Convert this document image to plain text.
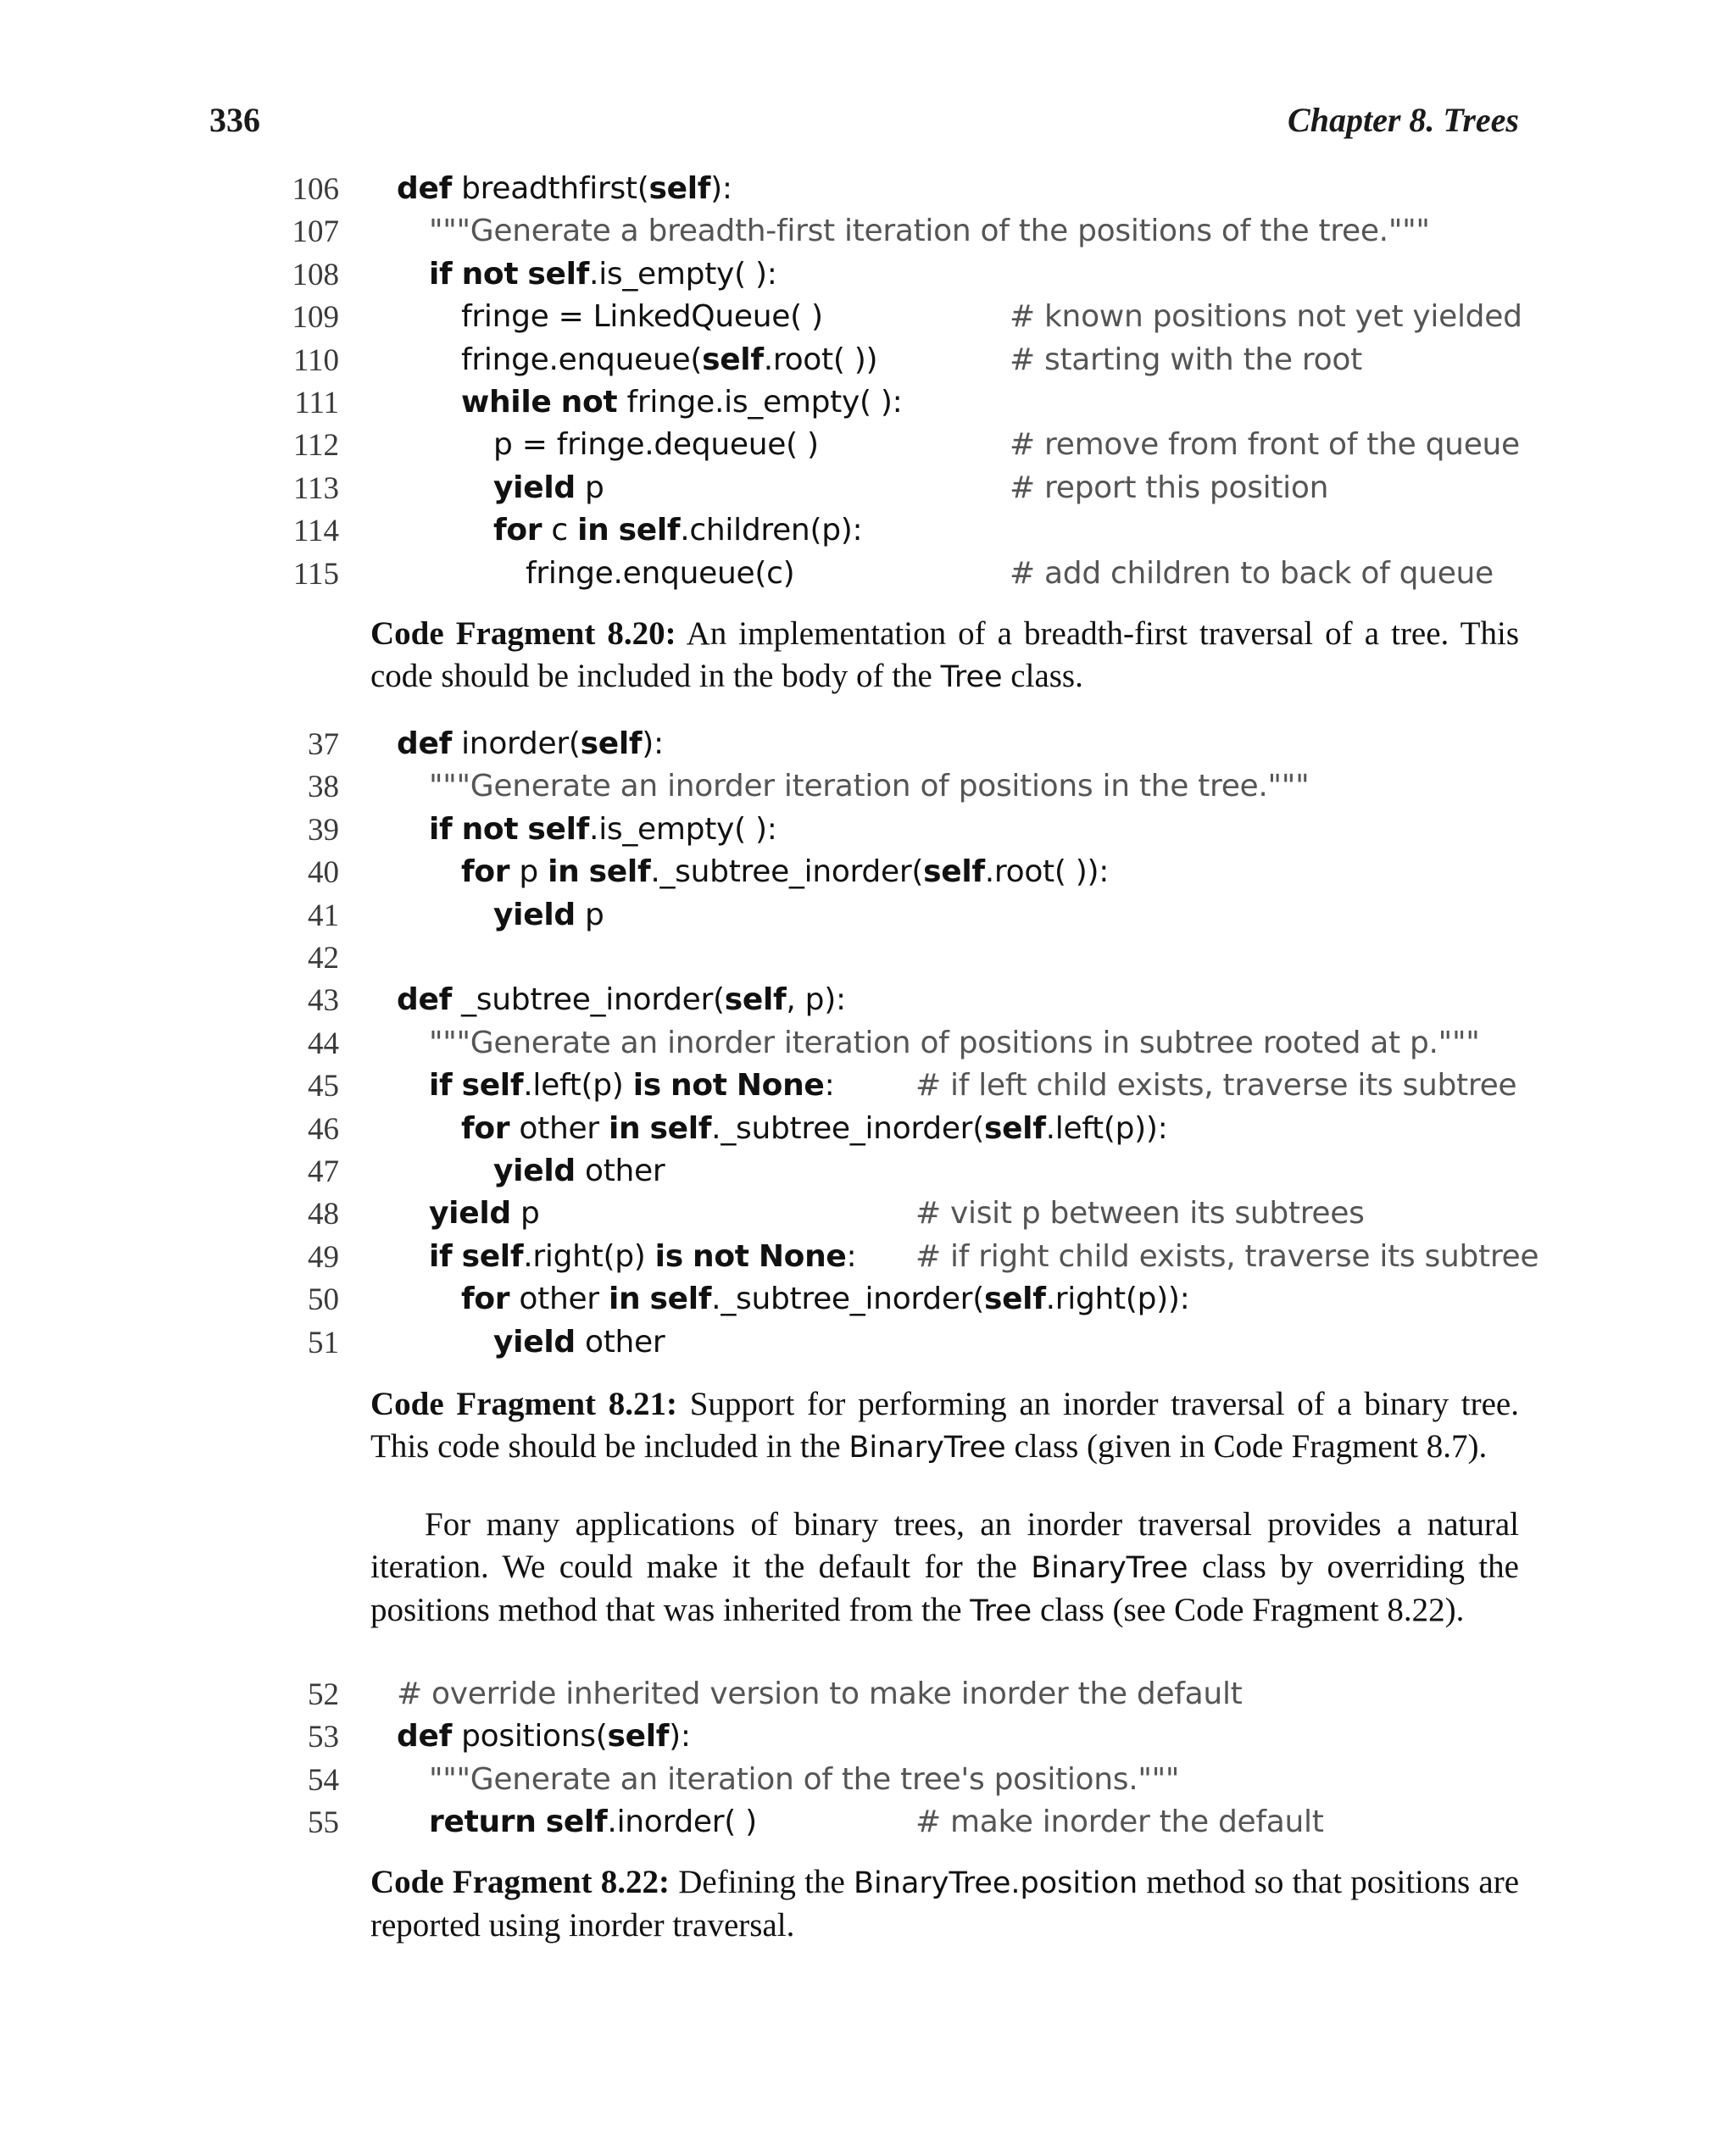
336	Chapter 8. Trees
106 def breadthfirst(self):
107	"""Generate a breadth-first iteration of the positions of the tree."""
108	if not self.is_empty( ):
109	fringe = LinkedQueue( )	# known positions not yet yielded
110	fringe.enqueue(self.root( ))	# starting with the root
111	while not fringe.is_empty( ):
112	p = fringe.dequeue( )	# remove from front of the queue
113	yield p	# report this position
114	for c in self.children(p):
115	fringe.enqueue(c)	# add children to back of queue
Code Fragment 8.20: An implementation of a breadth-first traversal of a tree. This code should be included in the body of the Tree class.
37 def inorder(self):
38	"""Generate an inorder iteration of positions in the tree."""
39	if not self.is_empty( ):
40	for p in self._subtree_inorder(self.root( )):
41	yield p
42
43 def _subtree_inorder(self, p):
44	"""Generate an inorder iteration of positions in subtree rooted at p."""
45	if self.left(p) is not None:	# if left child exists, traverse its subtree
46	for other in self._subtree_inorder(self.left(p)):
47	yield other
48	yield p	# visit p between its subtrees
49	if self.right(p) is not None: # if right child exists, traverse its subtree
50	for other in self._subtree_inorder(self.right(p)):
51	yield other
Code Fragment 8.21: Support for performing an inorder traversal of a binary tree. This code should be included in the BinaryTree class (given in Code Fragment 8.7).
For many applications of binary trees, an inorder traversal provides a natural iteration. We could make it the default for the BinaryTree class by overriding the positions method that was inherited from the Tree class (see Code Fragment 8.22).
52 # override inherited version to make inorder the default
53 def positions(self):
54	"""Generate an iteration of the tree's positions."""
55	return self.inorder( )	# make inorder the default
Code Fragment 8.22: Defining the BinaryTree.position method so that positions are reported using inorder traversal.
